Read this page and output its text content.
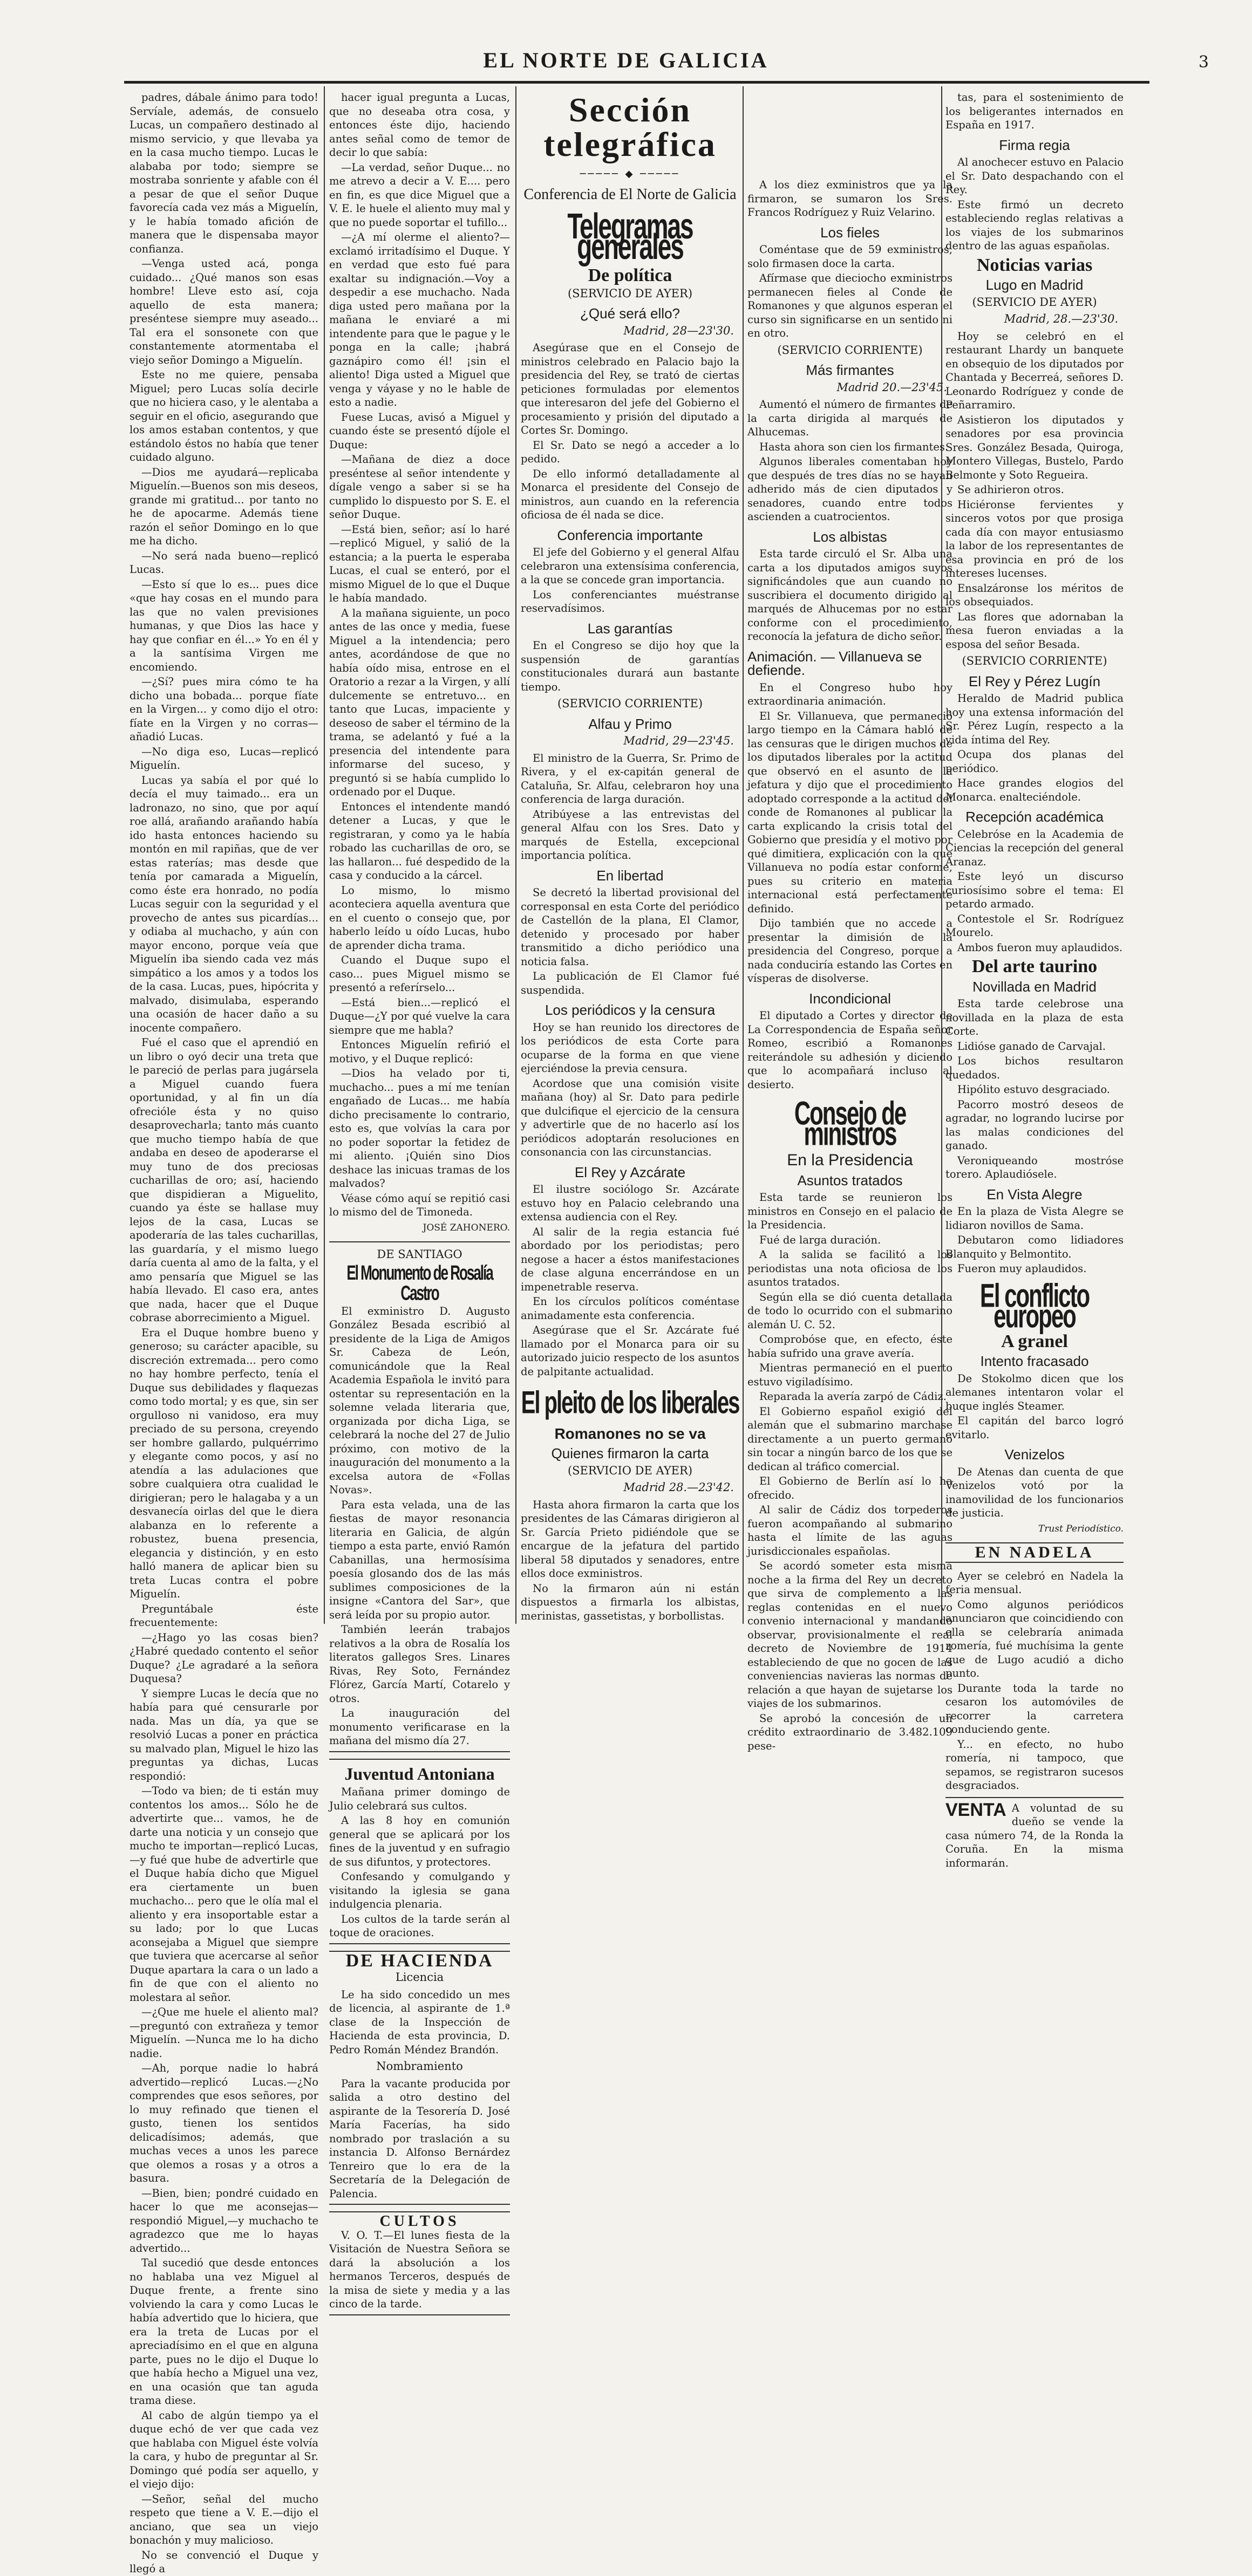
EL NORTE DE GALICIA	3

padres, dábale ánimo para todo! Servíale, además, de consuelo Lucas, un compañero destinado al mismo servicio, y que llevaba ya en la casa mucho tiempo. Lucas le alababa por todo; siempre se mostraba sonriente y afable con él a pesar de que el señor Duque favorecía cada vez más a Miguelín, y le había tomado afición de manera que le dispensaba mayor confianza.

—Venga usted acá, ponga cuidado... ¿Qué manos son esas hombre! Lleve esto así, coja aquello de esta manera; preséntese siempre muy aseado... Tal era el sonsonete con que constantemente atormentaba el viejo señor Domingo a Miguelín.

Este no me quiere, pensaba Miguel; pero Lucas solía decirle que no hiciera caso, y le alentaba a seguir en el oficio, asegurando que los amos estaban contentos, y que estándolo éstos no había que tener cuidado alguno.

—Dios me ayudará—replicaba Miguelín.—Buenos son mis deseos, grande mi gratitud... por tanto no he de apocarme. Además tiene razón el señor Domingo en lo que me ha dicho.

—No será nada bueno—replicó Lucas.

—Esto sí que lo es... pues dice «que hay cosas en el mundo para las que no valen previsiones humanas, y que Dios las hace y hay que confiar en él...» Yo en él y a la santísima Virgen me encomiendo.

—¿Sí? pues mira cómo te ha dicho una bobada... porque fíate en la Virgen... y como dijo el otro: fíate en la Virgen y no corras—añadió Lucas.

—No diga eso, Lucas—replicó Miguelín.

Lucas ya sabía el por qué lo decía el muy taimado... era un ladronazo, no sino, que por aquí roe allá, arañando arañando había ido hasta entonces haciendo su montón en mil rapiñas, que de ver estas raterías; mas desde que tenía por camarada a Miguelín, como éste era honrado, no podía Lucas seguir con la seguridad y el provecho de antes sus picardías... y odiaba al muchacho, y aún con mayor encono, porque veía que Miguelín iba siendo cada vez más simpático a los amos y a todos los de la casa. Lucas, pues, hipócrita y malvado, disimulaba, esperando una ocasión de hacer daño a su inocente compañero.

Fué el caso que el aprendió en un libro o oyó decir una treta que le pareció de perlas para jugársela a Miguel cuando fuera oportunidad, y al fin un día ofrecióle ésta y no quiso desaprovecharla; tanto más cuanto que mucho tiempo había de que andaba en deseo de apoderarse el muy tuno de dos preciosas cucharillas de oro; así, haciendo que dispidieran a Miguelito, cuando ya éste se hallase muy lejos de la casa, Lucas se apoderaría de las tales cucharillas, las guardaría, y el mismo luego daría cuenta al amo de la falta, y el amo pensaría que Miguel se las había llevado. El caso era, antes que nada, hacer que el Duque cobrase aborrecimiento a Miguel.

Era el Duque hombre bueno y generoso; su carácter apacible, su discreción extremada... pero como no hay hombre perfecto, tenía el Duque sus debilidades y flaquezas como todo mortal; y es que, sin ser orgulloso ni vanidoso, era muy preciado de su persona, creyendo ser hombre gallardo, pulquérrimo y elegante como pocos, y así no atendía a las adulaciones que sobre cualquiera otra cualidad le dirigieran; pero le halagaba y a un desvanecía oirlas del que le diera alabanza en lo referente a robustez, buena presencia, elegancia y distinción, y en esto halló manera de aplicar bien su treta Lucas contra el pobre Miguelín.

Preguntábale éste frecuentemente:

—¿Hago yo las cosas bien? ¿Habré quedado contento el señor Duque? ¿Le agradaré a la señora Duquesa?

Y siempre Lucas le decía que no había para qué censurarle por nada. Mas un día, ya que se resolvió Lucas a poner en práctica su malvado plan, Miguel le hizo las preguntas ya dichas, Lucas respondió:

—Todo va bien; de ti están muy contentos los amos... Sólo he de advertirte que... vamos, he de darte una noticia y un consejo que mucho te importan—replicó Lucas,—y fué que hube de advertirle que el Duque había dicho que Miguel era ciertamente un buen muchacho... pero que le olía mal el aliento y era insoportable estar a su lado; por lo que Lucas aconsejaba a Miguel que siempre que tuviera que acercarse al señor Duque apartara la cara o un lado a fin de que con el aliento no molestara al señor.

—¿Que me huele el aliento mal?—preguntó con extrañeza y temor Miguelín. —Nunca me lo ha dicho nadie.

—Ah, porque nadie lo habrá advertido—replicó Lucas.—¿No comprendes que esos señores, por lo muy refinado que tienen el gusto, tienen los sentidos delicadísimos; además, que muchas veces a unos les parece que olemos a rosas y a otros a basura.

—Bien, bien; pondré cuidado en hacer lo que me aconsejas—respondió Miguel,—y muchacho te agradezco que me lo hayas advertido...

Tal sucedió que desde entonces no hablaba una vez Miguel al Duque frente, a frente sino volviendo la cara y como Lucas le había advertido que lo hiciera, que era la treta de Lucas por el apreciadísimo en el que en alguna parte, pues no le dijo el Duque lo que había hecho a Miguel una vez, en una ocasión que tan aguda trama diese.

Al cabo de algún tiempo ya el duque echó de ver que cada vez que hablaba con Miguel éste volvía la cara, y hubo de preguntar al Sr. Domingo qué podía ser aquello, y el viejo dijo:

—Señor, señal del mucho respeto que tiene a V. E.—dijo el anciano, que sea un viejo bonachón y muy malicioso.

No se convenció el Duque y llegó a

hacer igual pregunta a Lucas, que no deseaba otra cosa, y entonces éste dijo, haciendo antes señal como de temor de decir lo que sabía:

—La verdad, señor Duque... no me atrevo a decir a V. E.... pero en fin, es que dice Miguel que a V. E. le huele el aliento muy mal y que no puede soportar el tufillo...

—¿A mí olerme el aliento?—exclamó irritadísimo el Duque. Y en verdad que esto fué para exaltar su indignación.—Voy a despedir a ese muchacho. Nada diga usted pero mañana por la mañana le enviaré a mi intendente para que le pague y le ponga en la calle; ¡habrá gaznápiro como él! ¡sin el aliento! Diga usted a Miguel que venga y váyase y no le hable de esto a nadie.

Fuese Lucas, avisó a Miguel y cuando éste se presentó díjole el Duque:

—Mañana de diez a doce preséntese al señor intendente y dígale vengo a saber si se ha cumplido lo dispuesto por S. E. el señor Duque.

—Está bien, señor; así lo haré—replicó Miguel, y salió de la estancia; a la puerta le esperaba Lucas, el cual se enteró, por el mismo Miguel de lo que el Duque le había mandado.

A la mañana siguiente, un poco antes de las once y media, fuese Miguel a la intendencia; pero antes, acordándose de que no había oído misa, entrose en el Oratorio a rezar a la Virgen, y allí dulcemente se entretuvo... en tanto que Lucas, impaciente y deseoso de saber el término de la trama, se adelantó y fué a la presencia del intendente para informarse del suceso, y preguntó si se había cumplido lo ordenado por el Duque.

Entonces el intendente mandó detener a Lucas, y que le registraran, y como ya le había robado las cucharillas de oro, se las hallaron... fué despedido de la casa y conducido a la cárcel.

Lo mismo, lo mismo aconteciera aquella aventura que en el cuento o consejo que, por haberlo leído u oído Lucas, hubo de aprender dicha trama.

Cuando el Duque supo el caso... pues Miguel mismo se presentó a referírselo...

—Está bien...—replicó el Duque—¿Y por qué vuelve la cara siempre que me habla?

Entonces Miguelín refirió el motivo, y el Duque replicó:

—Dios ha velado por ti, muchacho... pues a mí me tenían engañado de Lucas... me había dicho precisamente lo contrario, esto es, que volvías la cara por no poder soportar la fetidez de mi aliento. ¡Quién sino Dios deshace las inicuas tramas de los malvados?

Véase cómo aquí se repitió casi lo mismo del de Timoneda.

JOSÉ ZAHONERO.
DE SANTIAGO
El Monumento de Rosalía Castro

El exministro D. Augusto González Besada escribió al presidente de la Liga de Amigos Sr. Cabeza de León, comunicándole que la Real Academia Española le invitó para ostentar su representación en la solemne velada literaria que, organizada por dicha Liga, se celebrará la noche del 27 de Julio próximo, con motivo de la inauguración del monumento a la excelsa autora de «Follas Novas».

Para esta velada, una de las fiestas de mayor resonancia literaria en Galicia, de algún tiempo a esta parte, envió Ramón Cabanillas, una hermosísima poesía glosando dos de las más sublimes composiciones de la insigne «Cantora del Sar», que será leída por su propio autor.

También leerán trabajos relativos a la obra de Rosalía los literatos gallegos Sres. Linares Rivas, Rey Soto, Fernández Flórez, García Martí, Cotarelo y otros.

La inauguración del monumento verificarase en la mañana del mismo día 27.

Juventud Antoniana

Mañana primer domingo de Julio celebrará sus cultos.

A las 8 hoy en comunión general que se aplicará por los fines de la juventud y en sufragio de sus difuntos, y protectores.

Confesando y comulgando y visitando la iglesia se gana indulgencia plenaria.

Los cultos de la tarde serán al toque de oraciones.

DE HACIENDA
Licencia

Le ha sido concedido un mes de licencia, al aspirante de 1.ª clase de la Inspección de Hacienda de esta provincia, D. Pedro Román Méndez Brandón.

Nombramiento

Para la vacante producida por salida a otro destino del aspirante de la Tesorería D. José María Facerías, ha sido nombrado por traslación a su instancia D. Alfonso Bernárdez Tenreiro que lo era de la Secretaría de la Delegación de Palencia.

CULTOS

V. O. T.—El lunes fiesta de la Visitación de Nuestra Señora se dará la absolución a los hermanos Terceros, después de la misa de siete y media y a las cinco de la tarde.

Sección telegráfica
───── ◆ ─────
Conferencia de El Norte de Galicia
Telegramas generales
De política
(SERVICIO DE AYER)
¿Qué será ello?
Madrid, 28—23'30.

Asegúrase que en el Consejo de ministros celebrado en Palacio bajo la presidencia del Rey, se trató de ciertas peticiones formuladas por elementos que interesaron del jefe del Gobierno el procesamiento y prisión del diputado a Cortes Sr. Domingo.

El Sr. Dato se negó a acceder a lo pedido.

De ello informó detalladamente al Monarca el presidente del Consejo de ministros, aun cuando en la referencia oficiosa de él nada se dice.

Conferencia importante

El jefe del Gobierno y el general Alfau celebraron una extensísima conferencia, a la que se concede gran importancia.

Los conferenciantes muéstranse reservadísimos.

Las garantías

En el Congreso se dijo hoy que la suspensión de garantías constitucionales durará aun bastante tiempo.

(SERVICIO CORRIENTE)
Alfau y Primo
Madrid, 29—23'45.

El ministro de la Guerra, Sr. Primo de Rivera, y el ex-capitán general de Cataluña, Sr. Alfau, celebraron hoy una conferencia de larga duración.

Atribúyese a las entrevistas del general Alfau con los Sres. Dato y marqués de Estella, excepcional importancia política.

En libertad

Se decretó la libertad provisional del corresponsal en esta Corte del periódico de Castellón de la plana, El Clamor, detenido y procesado por haber transmitido a dicho periódico una noticia falsa.

La publicación de El Clamor fué suspendida.

Los periódicos y la censura

Hoy se han reunido los directores de los periódicos de esta Corte para ocuparse de la forma en que viene ejerciéndose la previa censura.

Acordose que una comisión visite mañana (hoy) al Sr. Dato para pedirle que dulcifique el ejercicio de la censura y advertirle que de no hacerlo así los periódicos adoptarán resoluciones en consonancia con las circunstancias.

El Rey y Azcárate

El ilustre sociólogo Sr. Azcárate estuvo hoy en Palacio celebrando una extensa audiencia con el Rey.

Al salir de la regia estancia fué abordado por los periodistas; pero negose a hacer a éstos manifestaciones de clase alguna encerrándose en un impenetrable reserva.

En los círculos políticos coméntase animadamente esta conferencia.

Asegúrase que el Sr. Azcárate fué llamado por el Monarca para oir su autorizado juicio respecto de los asuntos de palpitante actualidad.

El pleito de los liberales
Romanones no se va
Quienes firmaron la carta
(SERVICIO DE AYER)
Madrid 28.—23'42.

Hasta ahora firmaron la carta que los presidentes de las Cámaras dirigieron al Sr. García Prieto pidiéndole que se encargue de la jefatura del partido liberal 58 diputados y senadores, entre ellos doce exministros.

No la firmaron aún ni están dispuestos a firmarla los albistas, merinistas, gassetistas, y borbollistas.

A los diez exministros que ya la firmaron, se sumaron los Sres. Francos Rodríguez y Ruiz Velarino.

Los fieles

Coméntase que de 59 exministros, solo firmasen doce la carta.

Afírmase que dieciocho exministros permanecen fieles al Conde de Romanones y que algunos esperan el curso sin significarse en un sentido ni en otro.

(SERVICIO CORRIENTE)
Más firmantes
Madrid 20.—23'45.

Aumentó el número de firmantes de la carta dirigida al marqués de Alhucemas.

Hasta ahora son cien los firmantes.

Algunos liberales comentaban hoy que después de tres días no se hayan adherido más de cien diputados y senadores, cuando entre todos ascienden a cuatrocientos.

Los albistas

Esta tarde circuló el Sr. Alba una carta a los diputados amigos suyos significándoles que aun cuando no suscribiera el documento dirigido al marqués de Alhucemas por no estar conforme con el procedimiento, reconocía la jefatura de dicho señor.

Animación. — Villanueva se defiende.

En el Congreso hubo hoy extraordinaria animación.

El Sr. Villanueva, que permaneció largo tiempo en la Cámara habló de las censuras que le dirigen muchos de los diputados liberales por la actitud que observó en el asunto de la jefatura y dijo que el procedimiento adoptado corresponde a la actitud del conde de Romanones al publicar la carta explicando la crisis total del Gobierno que presidía y el motivo por qué dimitiera, explicación con la que Villanueva no podía estar conforme, pues su criterio en materia internacional está perfectamente definido.

Dijo también que no accede a presentar la dimisión de la presidencia del Congreso, porque a nada conduciría estando las Cortes en vísperas de disolverse.

Incondicional

El diputado a Cortes y director de La Correspondencia de España señor Romeo, escribió a Romanones reiterándole su adhesión y diciendo que lo acompañará incluso al desierto.

Consejo de ministros
En la Presidencia
Asuntos tratados

Esta tarde se reunieron los ministros en Consejo en el palacio de la Presidencia.

Fué de larga duración.

A la salida se facilitó a los periodistas una nota oficiosa de los asuntos tratados.

Según ella se dió cuenta detallada de todo lo ocurrido con el submarino alemán U. C. 52.

Comprobóse que, en efecto, éste había sufrido una grave avería.

Mientras permaneció en el puerto estuvo vigiladísimo.

Reparada la avería zarpó de Cádiz.

El Gobierno español exigió del alemán que el submarino marchase directamente a un puerto germano sin tocar a ningún barco de los que se dedican al tráfico comercial.

El Gobierno de Berlín así lo ha ofrecido.

Al salir de Cádiz dos torpederos fueron acompañando al submarino hasta el límite de las aguas jurisdiccionales españolas.

Se acordó someter esta misma noche a la firma del Rey un decreto que sirva de complemento a las reglas contenidas en el nuevo convenio internacional y mandando observar, provisionalmente el real decreto de Noviembre de 1914 estableciendo de que no gocen de las conveniencias navieras las normas de relación a que hayan de sujetarse los viajes de los submarinos.

Se aprobó la concesión de un crédito extraordinario de 3.482.109 pese-

tas, para el sostenimiento de los beligerantes internados en España en 1917.

Firma regia

Al anochecer estuvo en Palacio el Sr. Dato despachando con el Rey.

Este firmó un decreto estableciendo reglas relativas a los viajes de los submarinos dentro de las aguas españolas.

Noticias varias
Lugo en Madrid
(SERVICIO DE AYER)
Madrid, 28.—23'30.

Hoy se celebró en el restaurant Lhardy un banquete en obsequio de los diputados por Chantada y Becerreá, señores D. Leonardo Rodríguez y conde de Peñarramiro.

Asistieron los diputados y senadores por esa provincia Sres. González Besada, Quiroga, Montero Villegas, Bustelo, Pardo Belmonte y Soto Regueira.

Se adhirieron otros.

Hiciéronse fervientes y sinceros votos por que prosiga cada día con mayor entusiasmo la labor de los representantes de esa provincia en pró de los intereses lucenses.

Ensalzáronse los méritos de los obsequiados.

Las flores que adornaban la mesa fueron enviadas a la esposa del señor Besada.

(SERVICIO CORRIENTE)
El Rey y Pérez Lugín

Heraldo de Madrid publica hoy una extensa información del Sr. Pérez Lugín, respecto a la vida íntima del Rey.

Ocupa dos planas del periódico.

Hace grandes elogios del Monarca. enalteciéndole.

Recepción académica

Celebróse en la Academia de Ciencias la recepción del general Aranaz.

Este leyó un discurso curiosísimo sobre el tema: El petardo armado.

Contestole el Sr. Rodríguez Mourelo.

Ambos fueron muy aplaudidos.

Del arte taurino
Novillada en Madrid

Esta tarde celebrose una novillada en la plaza de esta Corte.

Lidióse ganado de Carvajal.

Los bichos resultaron quedados.

Hipólito estuvo desgraciado.

Pacorro mostró deseos de agradar, no logrando lucirse por las malas condiciones del ganado.

Veroniqueando mostróse torero. Aplaudiósele.

En Vista Alegre

En la plaza de Vista Alegre se lidiaron novillos de Sama.

Debutaron como lidiadores Blanquito y Belmontito.

Fueron muy aplaudidos.

El conflicto europeo
A granel
Intento fracasado

De Stokolmo dicen que los alemanes intentaron volar el buque inglés Steamer.

El capitán del barco logró evitarlo.

Venizelos

De Atenas dan cuenta de que Venizelos votó por la inamovilidad de los funcionarios de justicia.

Trust Periodístico.
EN NADELA

Ayer se celebró en Nadela la feria mensual.

Como algunos periódicos anunciaron que coincidiendo con ella se celebraría animada romería, fué muchísima la gente que de Lugo acudió a dicho punto.

Durante toda la tarde no cesaron los automóviles de recorrer la carretera conduciendo gente.

Y... en efecto, no hubo romería, ni tampoco, que sepamos, se registraron sucesos desgraciados.

VENTA A voluntad de su dueño se vende la casa número 74, de la Ronda la Coruña. En la misma informarán.
